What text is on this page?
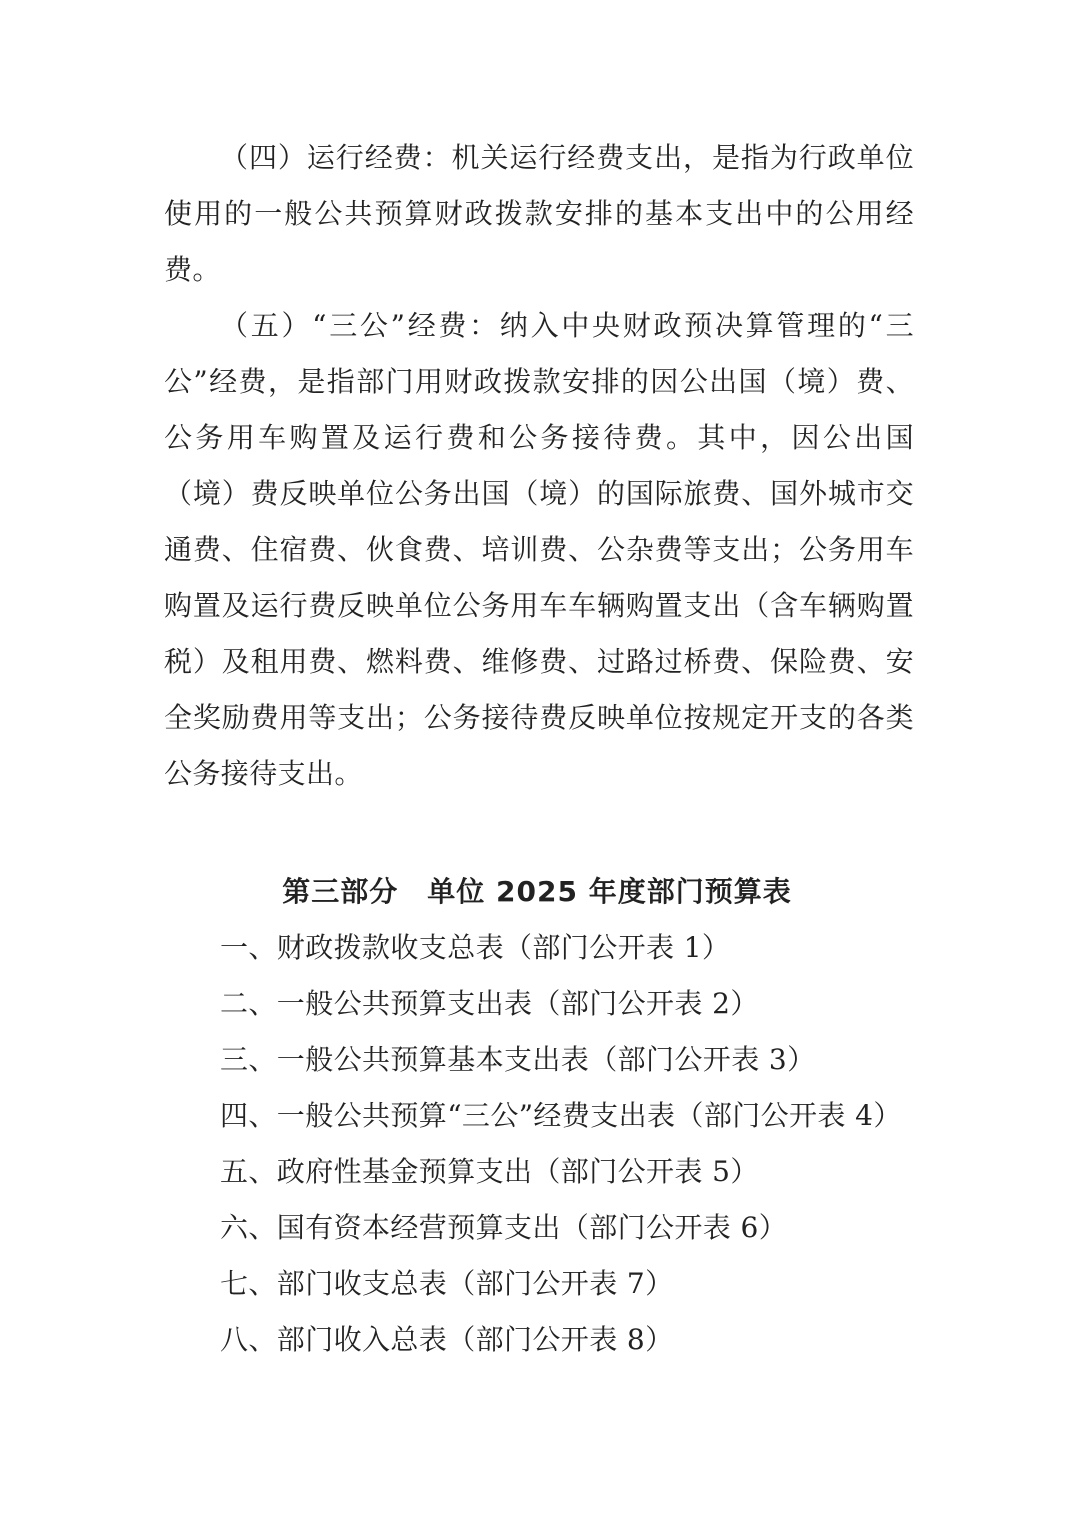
（四）运行经费：机关运行经费支出，是指为行政单位使用的一般公共预算财政拨款安排的基本支出中的公用经费。

（五）“三公”经费：纳入中央财政预决算管理的“三公”经费，是指部门用财政拨款安排的因公出国（境）费、公务用车购置及运行费和公务接待费。其中，因公出国（境）费反映单位公务出国（境）的国际旅费、国外城市交通费、住宿费、伙食费、培训费、公杂费等支出；公务用车购置及运行费反映单位公务用车车辆购置支出（含车辆购置税）及租用费、燃料费、维修费、过路过桥费、保险费、安全奖励费用等支出；公务接待费反映单位按规定开支的各类公务接待支出。

第三部分　单位 2025 年度部门预算表
一、财政拨款收支总表（部门公开表 1）
二、一般公共预算支出表（部门公开表 2）
三、一般公共预算基本支出表（部门公开表 3）
四、一般公共预算“三公”经费支出表（部门公开表 4）
五、政府性基金预算支出（部门公开表 5）
六、国有资本经营预算支出（部门公开表 6）
七、部门收支总表（部门公开表 7）
八、部门收入总表（部门公开表 8）
